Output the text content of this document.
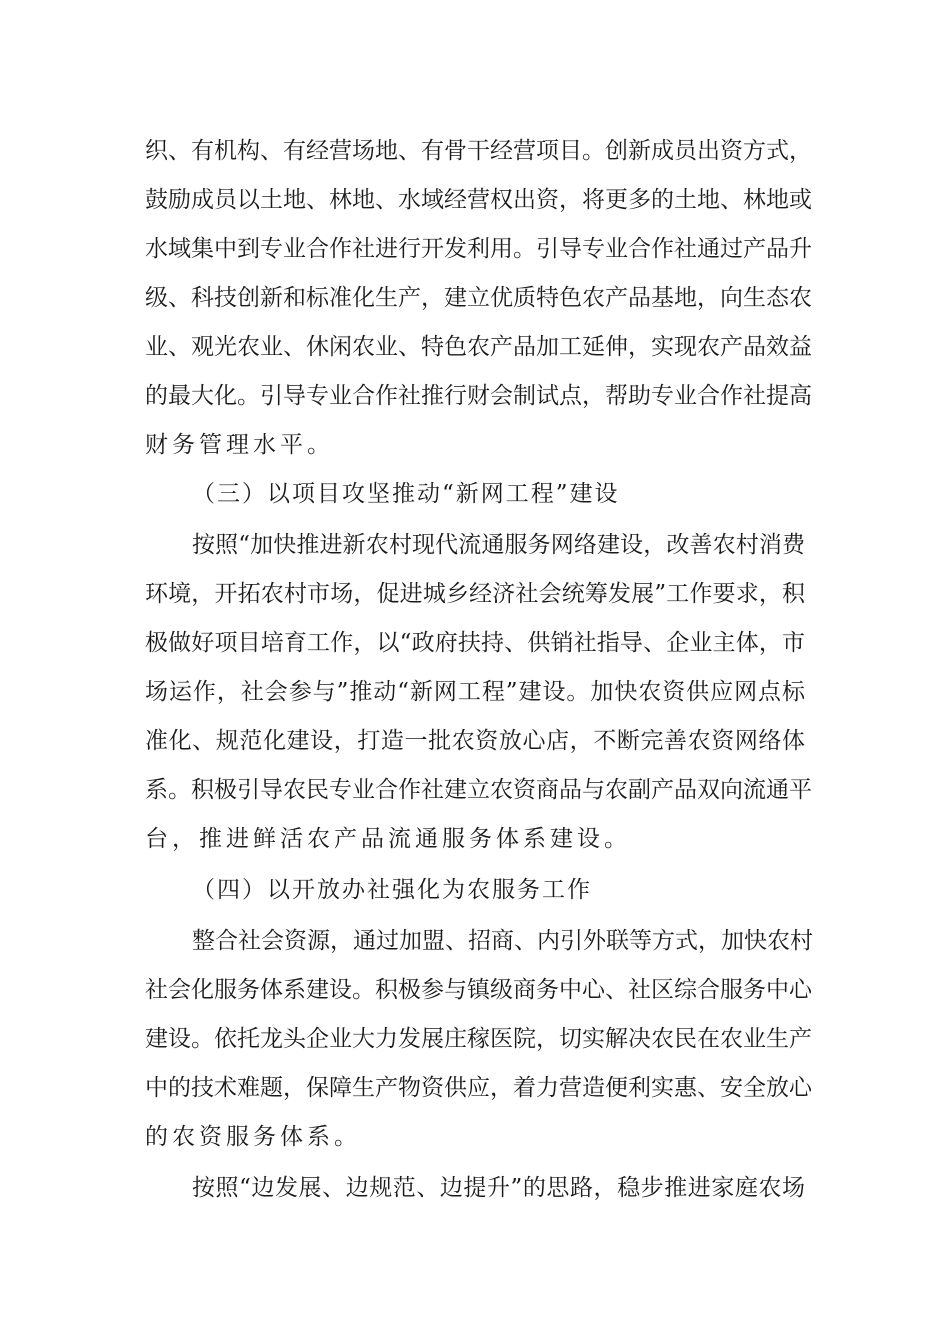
织、有机构、有经营场地、有骨干经营项目。创新成员出资方式，
鼓励成员以土地、林地、水域经营权出资，将更多的土地、林地或
水域集中到专业合作社进行开发利用。引导专业合作社通过产品升
级、科技创新和标准化生产，建立优质特色农产品基地，向生态农
业、观光农业、休闲农业、特色农产品加工延伸，实现农产品效益
的最大化。引导专业合作社推行财会制试点，帮助专业合作社提高
财务管理水平。
（三）以项目攻坚推动“新网工程”建设
按照“加快推进新农村现代流通服务网络建设，改善农村消费
环境，开拓农村市场，促进城乡经济社会统筹发展”工作要求，积
极做好项目培育工作，以“政府扶持、供销社指导、企业主体，市
场运作，社会参与”推动“新网工程”建设。加快农资供应网点标
准化、规范化建设，打造一批农资放心店，不断完善农资网络体
系。积极引导农民专业合作社建立农资商品与农副产品双向流通平
台，推进鲜活农产品流通服务体系建设。
（四）以开放办社强化为农服务工作
整合社会资源，通过加盟、招商、内引外联等方式，加快农村
社会化服务体系建设。积极参与镇级商务中心、社区综合服务中心
建设。依托龙头企业大力发展庄稼医院，切实解决农民在农业生产
中的技术难题，保障生产物资供应，着力营造便利实惠、安全放心
的农资服务体系。
按照“边发展、边规范、边提升”的思路，稳步推进家庭农场
